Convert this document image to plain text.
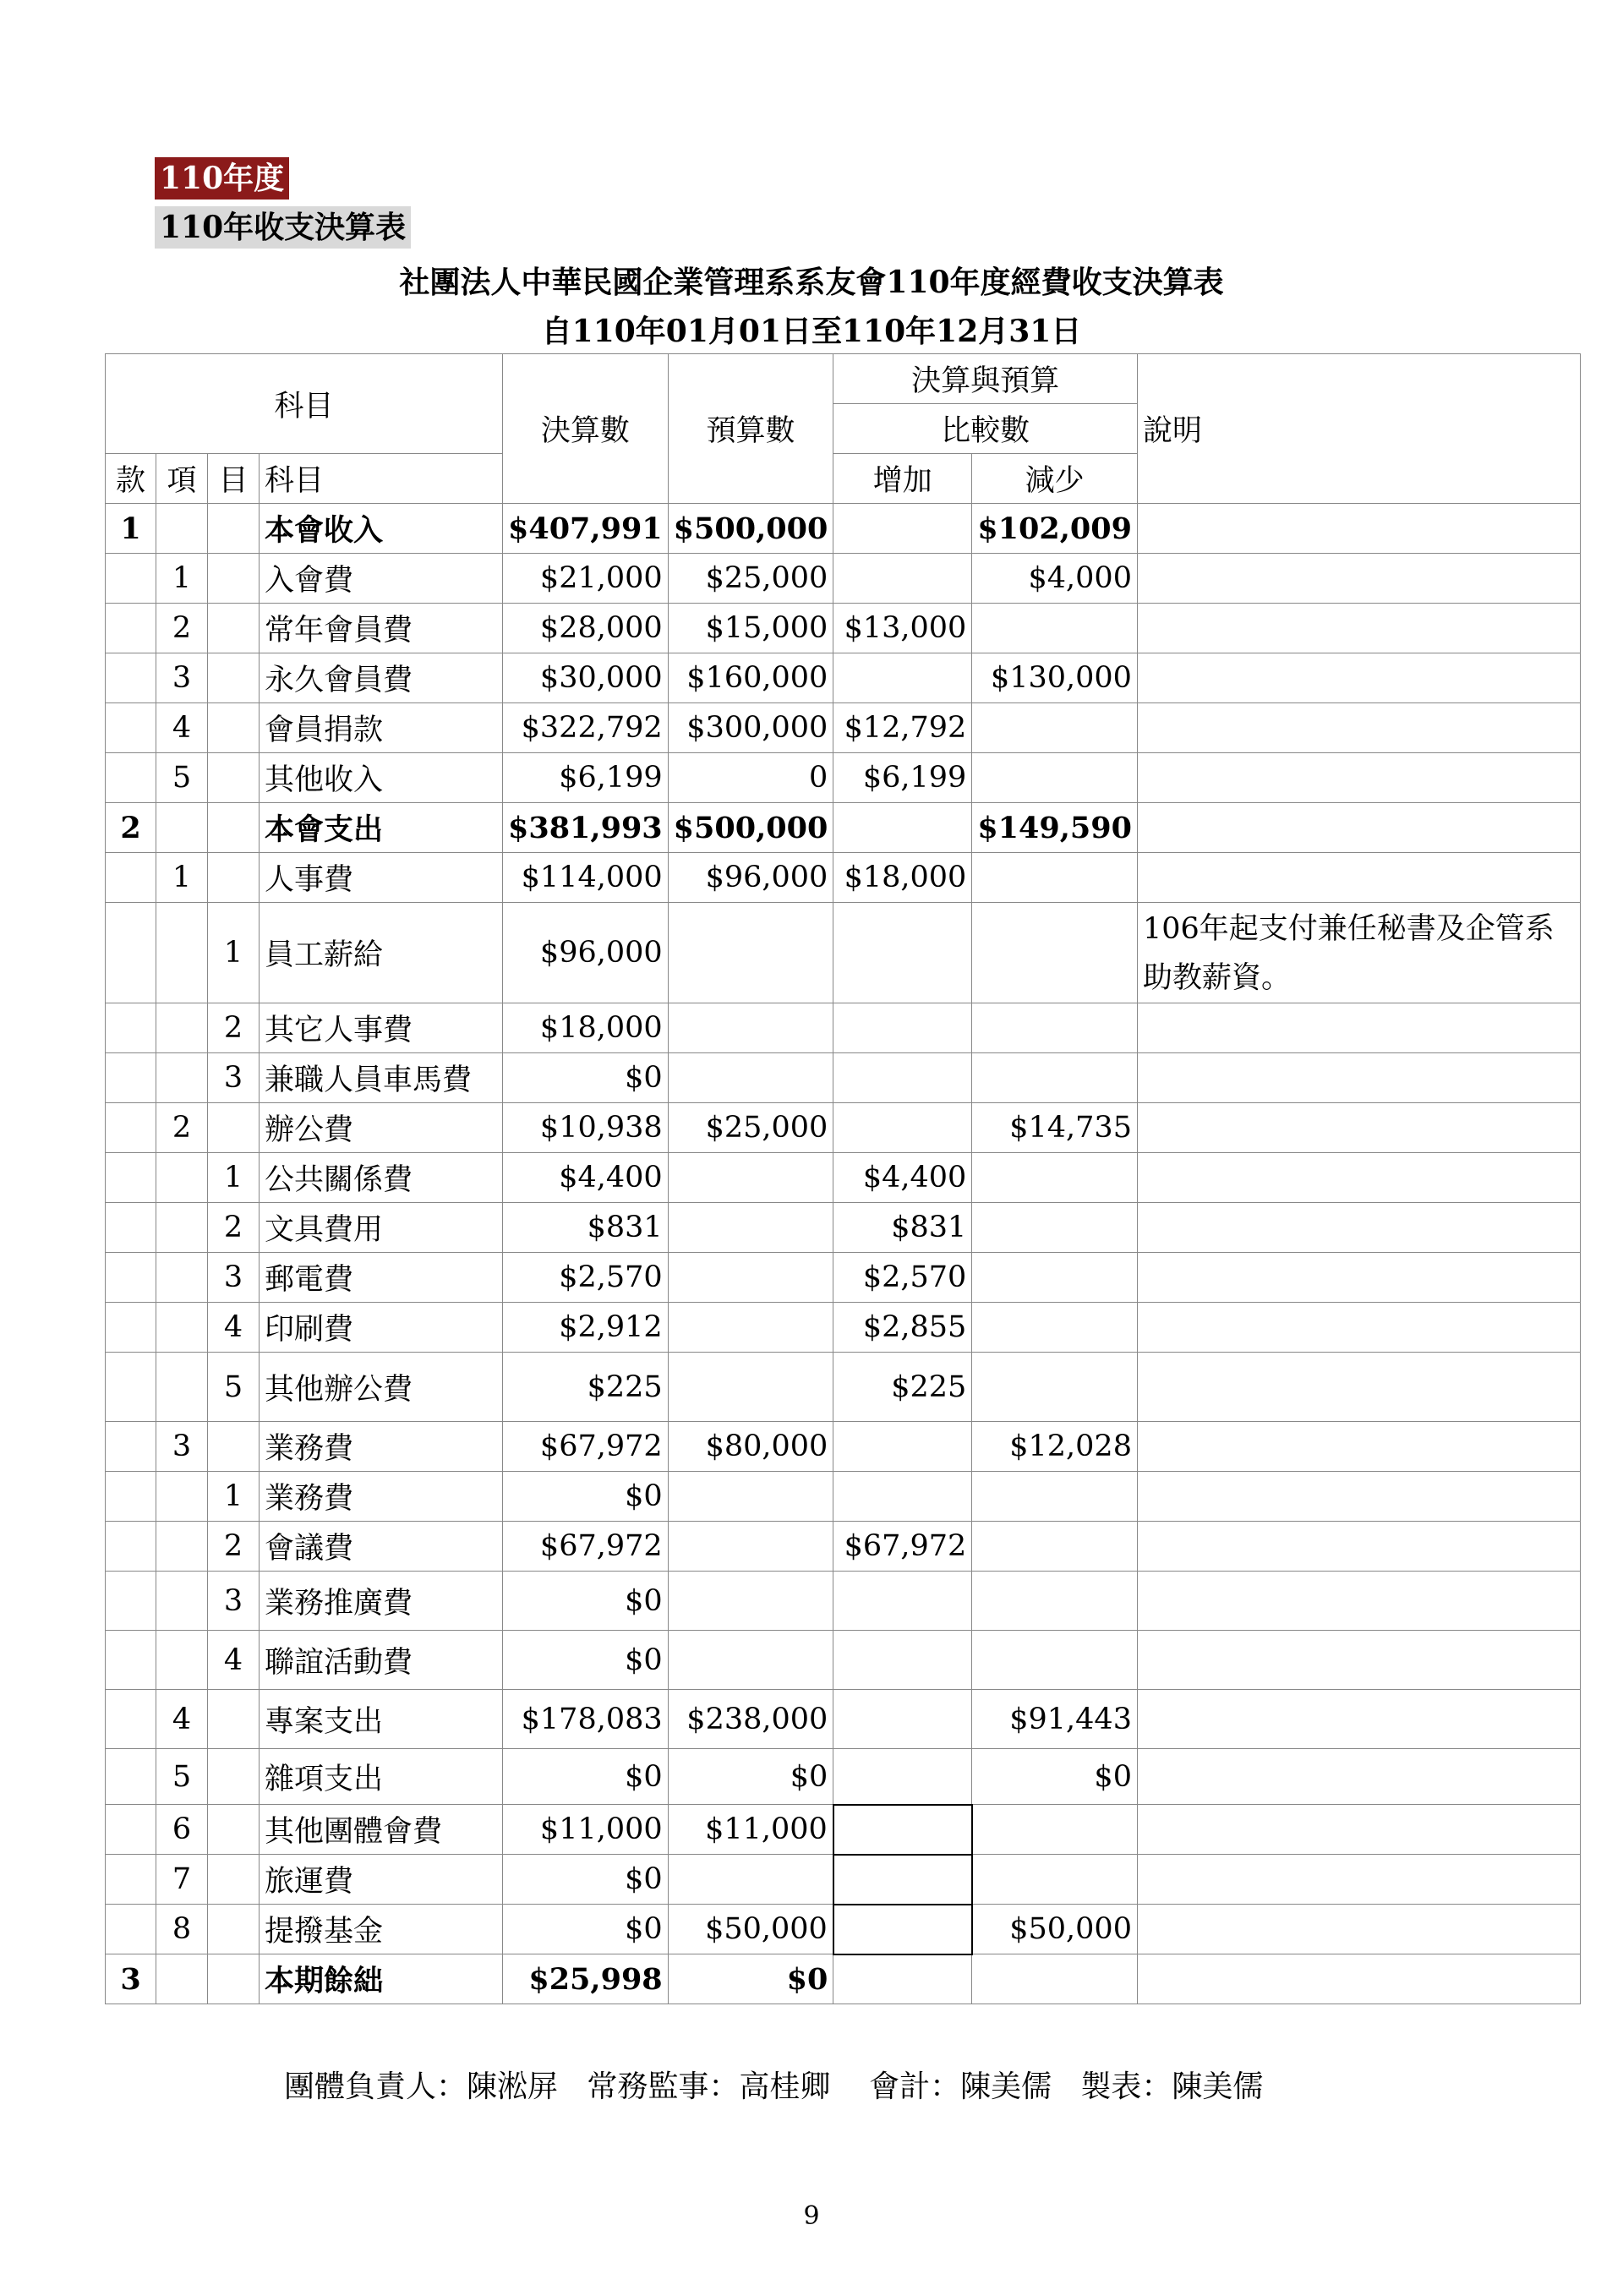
110年度
110年收支決算表
社團法人中華民國企業管理系系友會110年度經費收支決算表
自110年01月01日至110年12月31日
科目				決算數	預算數	決算與預算		說明
						比較數		
款	項	目	科目			增加	減少	
1			本會收入	$407,991	$500,000		$102,009	
	1		入會費	$21,000	$25,000		$4,000	
	2		常年會員費	$28,000	$15,000	$13,000		
	3		永久會員費	$30,000	$160,000		$130,000	
	4		會員捐款	$322,792	$300,000	$12,792		
	5		其他收入	$6,199	0	$6,199		
2			本會支出	$381,993	$500,000		$149,590	
	1		人事費	$114,000	$96,000	$18,000		
		1	員工薪給	$96,000				106年起支付兼任秘書及企管系助教薪資。
		2	其它人事費	$18,000				
		3	兼職人員車馬費	$0				
	2		辦公費	$10,938	$25,000		$14,735	
		1	公共關係費	$4,400		$4,400		
		2	文具費用	$831		$831		
		3	郵電費	$2,570		$2,570		
		4	印刷費	$2,912		$2,855		
		5	其他辦公費	$225		$225		
	3		業務費	$67,972	$80,000		$12,028	
		1	業務費	$0				
		2	會議費	$67,972		$67,972		
		3	業務推廣費	$0				
		4	聯誼活動費	$0				
	4		專案支出	$178,083	$238,000		$91,443	
	5		雜項支出	$0	$0		$0	
	6		其他團體會費	$11,000	$11,000			
	7		旅運費	$0				
	8		提撥基金	$0	$50,000		$50,000	
3			本期餘絀	$25,998	$0			
團體負責人：陳淞屏   常務監事：高桂卿    會計：陳美儒   製表：陳美儒
9
